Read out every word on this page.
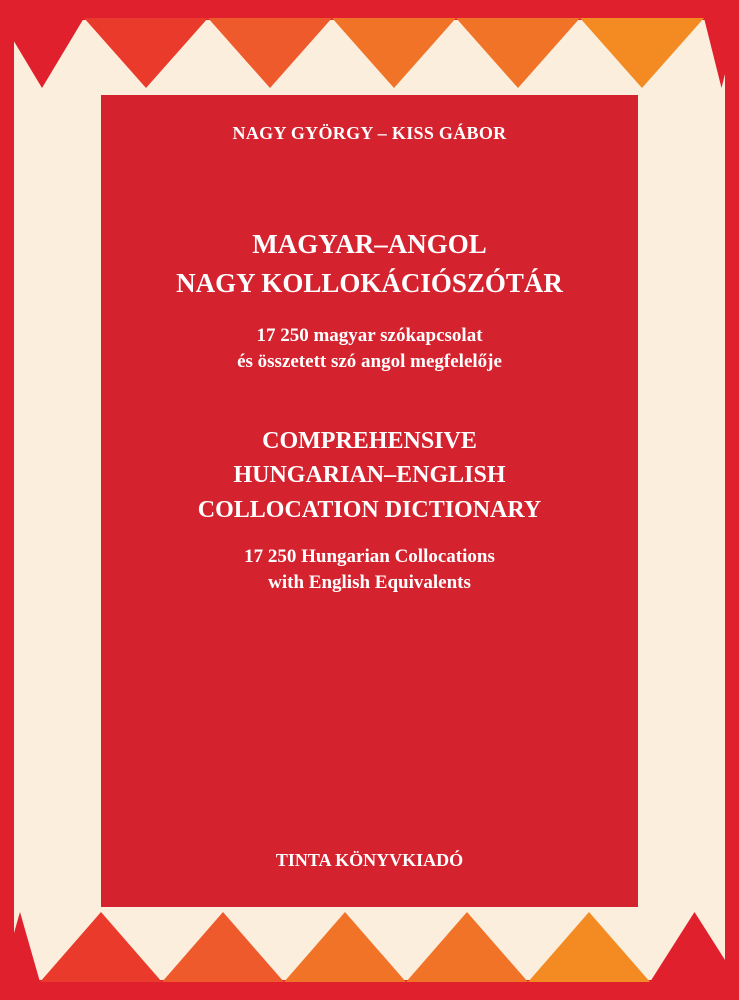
NAGY GYÖRGY – KISS GÁBOR

MAGYAR–ANGOL

NAGY KOLLOKÁCIÓSZÓTÁR

17 250 magyar szókapcsolat

és összetett szó angol megfelelője

COMPREHENSIVE

HUNGARIAN–ENGLISH

COLLOCATION DICTIONARY

17 250 Hungarian Collocations

with English Equivalents

TINTA KÖNYVKIADÓ
